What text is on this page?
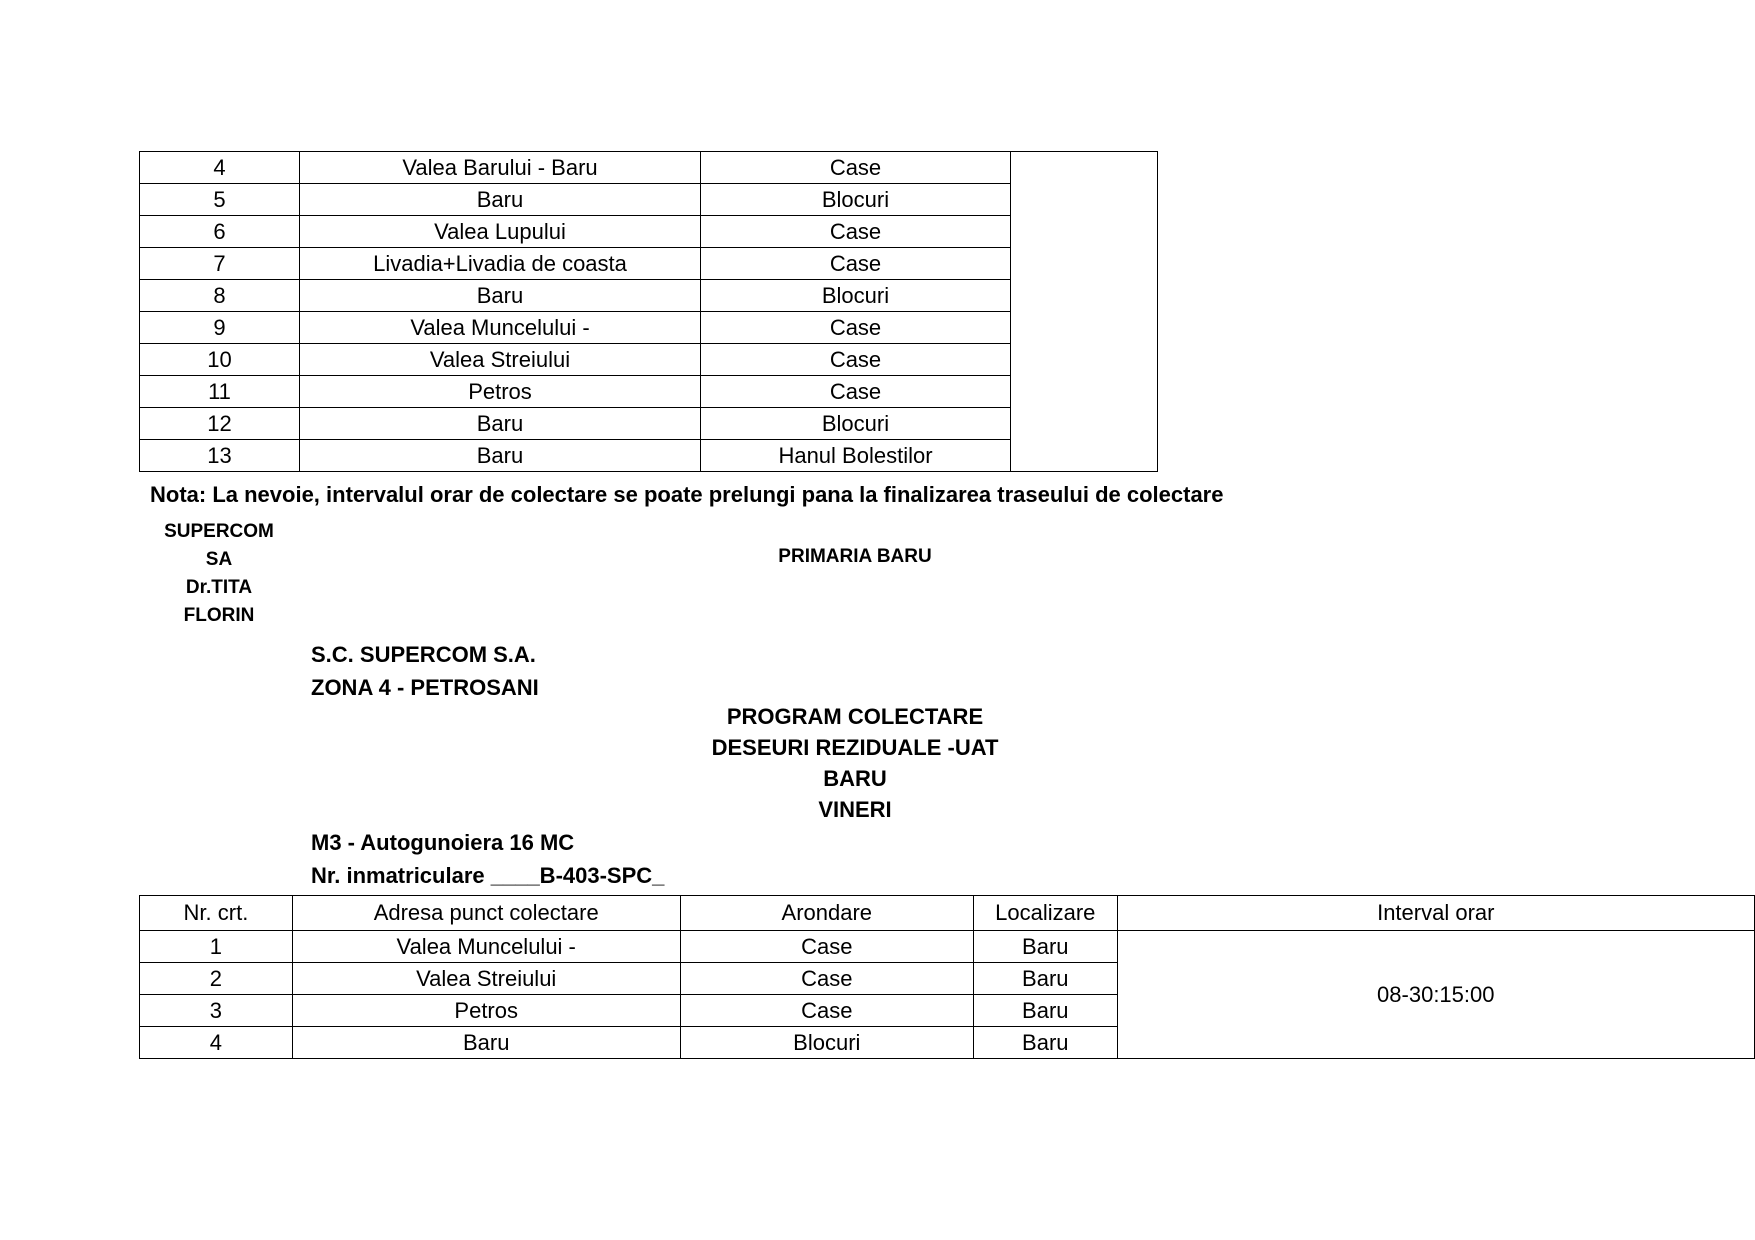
4	Valea Barului - Baru	Case	
5	Baru	Blocuri	
6	Valea Lupului	Case	
7	Livadia+Livadia de coasta	Case	
8	Baru	Blocuri	
9	Valea Muncelului -	Case	
10	Valea Streiului	Case	
11	Petros	Case	
12	Baru	Blocuri	
13	Baru	Hanul Bolestilor	
Nota: La nevoie, intervalul orar de colectare se poate prelungi pana la finalizarea traseului de colectare
SUPERCOM
SA
Dr.TITA
FLORIN
PRIMARIA BARU
S.C. SUPERCOM S.A.
ZONA 4 - PETROSANI
PROGRAM COLECTARE
DESEURI REZIDUALE -UAT
BARU
VINERI
M3 - Autogunoiera 16 MC
Nr. inmatriculare ____B-403-SPC_
Nr. crt.	Adresa punct colectare	Arondare	Localizare	Interval orar
1	Valea Muncelului -	Case	Baru	08-30:15:00
2	Valea Streiului	Case	Baru	
3	Petros	Case	Baru	
4	Baru	Blocuri	Baru	
